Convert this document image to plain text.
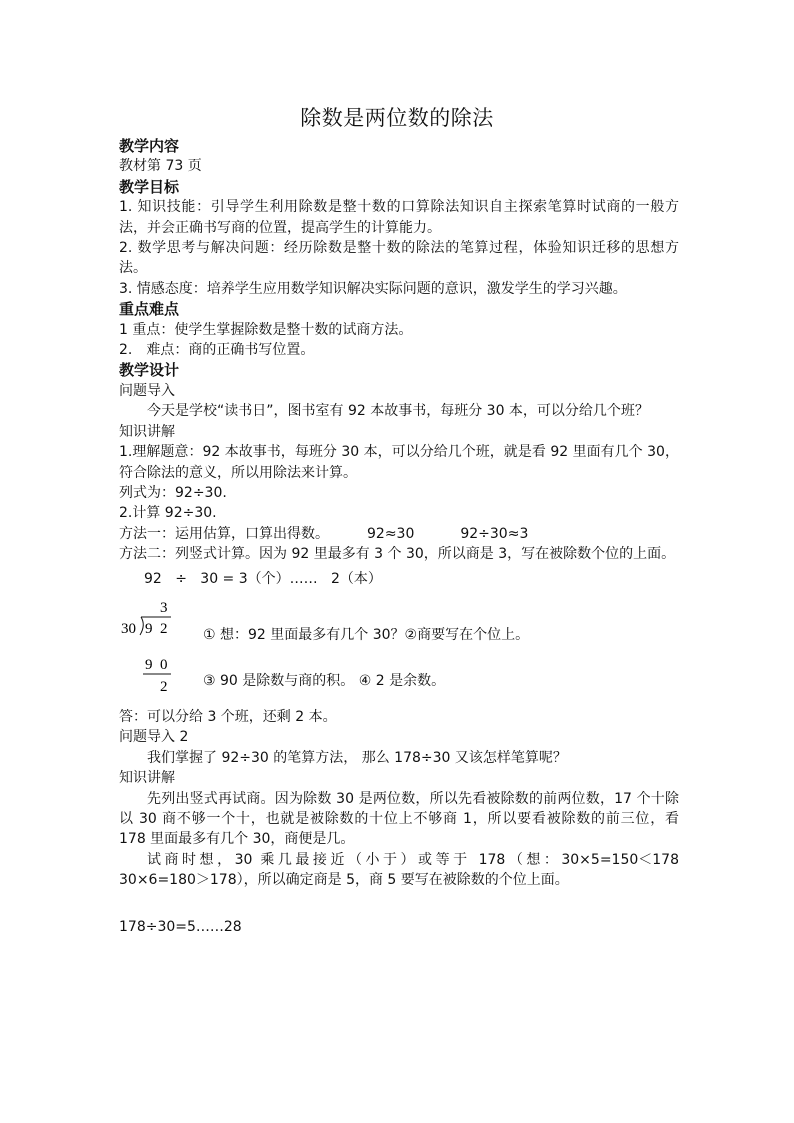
除数是两位数的除法

教学内容

教材第 73 页

教学目标

1. 知识技能：引导学生利用除数是整十数的口算除法知识自主探索笔算时试商的一般方法，并会正确书写商的位置，提高学生的计算能力。

2. 数学思考与解决问题：经历除数是整十数的除法的笔算过程，体验知识迁移的思想方法。

3. 情感态度：培养学生应用数学知识解决实际问题的意识，激发学生的学习兴趣。

重点难点

1 重点：使学生掌握除数是整十数的试商方法。

2.　难点：商的正确书写位置。

教学设计

问题导入

今天是学校“读书日”，图书室有 92 本故事书，每班分 30 本，可以分给几个班？

知识讲解

1.理解题意：92 本故事书，每班分 30 本，可以分给几个班，就是看 92 里面有几个 30，符合除法的意义，所以用除法来计算。

列式为：92÷30.

2.计算 92÷30.

方法一：运用估算，口算出得数。	92≈30	92÷30≈3

方法二：列竖式计算。因为 92 里最多有 3 个 30，所以商是 3，写在被除数个位的上面。

92 ÷ 30 = 3（个）…… 2（本）

3
30 9 2
9 0
2
① 想：92 里面最多有几个 30？②商要写在个位上。
③ 90 是除数与商的积。 ④ 2 是余数。

答：可以分给 3 个班，还剩 2 本。

问题导入 2

我们掌握了 92÷30 的笔算方法， 那么 178÷30 又该怎样笔算呢？

知识讲解

先列出竖式再试商。因为除数 30 是两位数，所以先看被除数的前两位数，17 个十除以 30 商不够一个十，也就是被除数的十位上不够商 1，所以要看被除数的前三位，看 178 里面最多有几个 30，商便是几。

试商时想，30 乘几最接近（小于）或等于 178（想：30×5=150＜178 30×6=180＞178），所以确定商是 5，商 5 要写在被除数的个位上面。

178÷30=5……28
